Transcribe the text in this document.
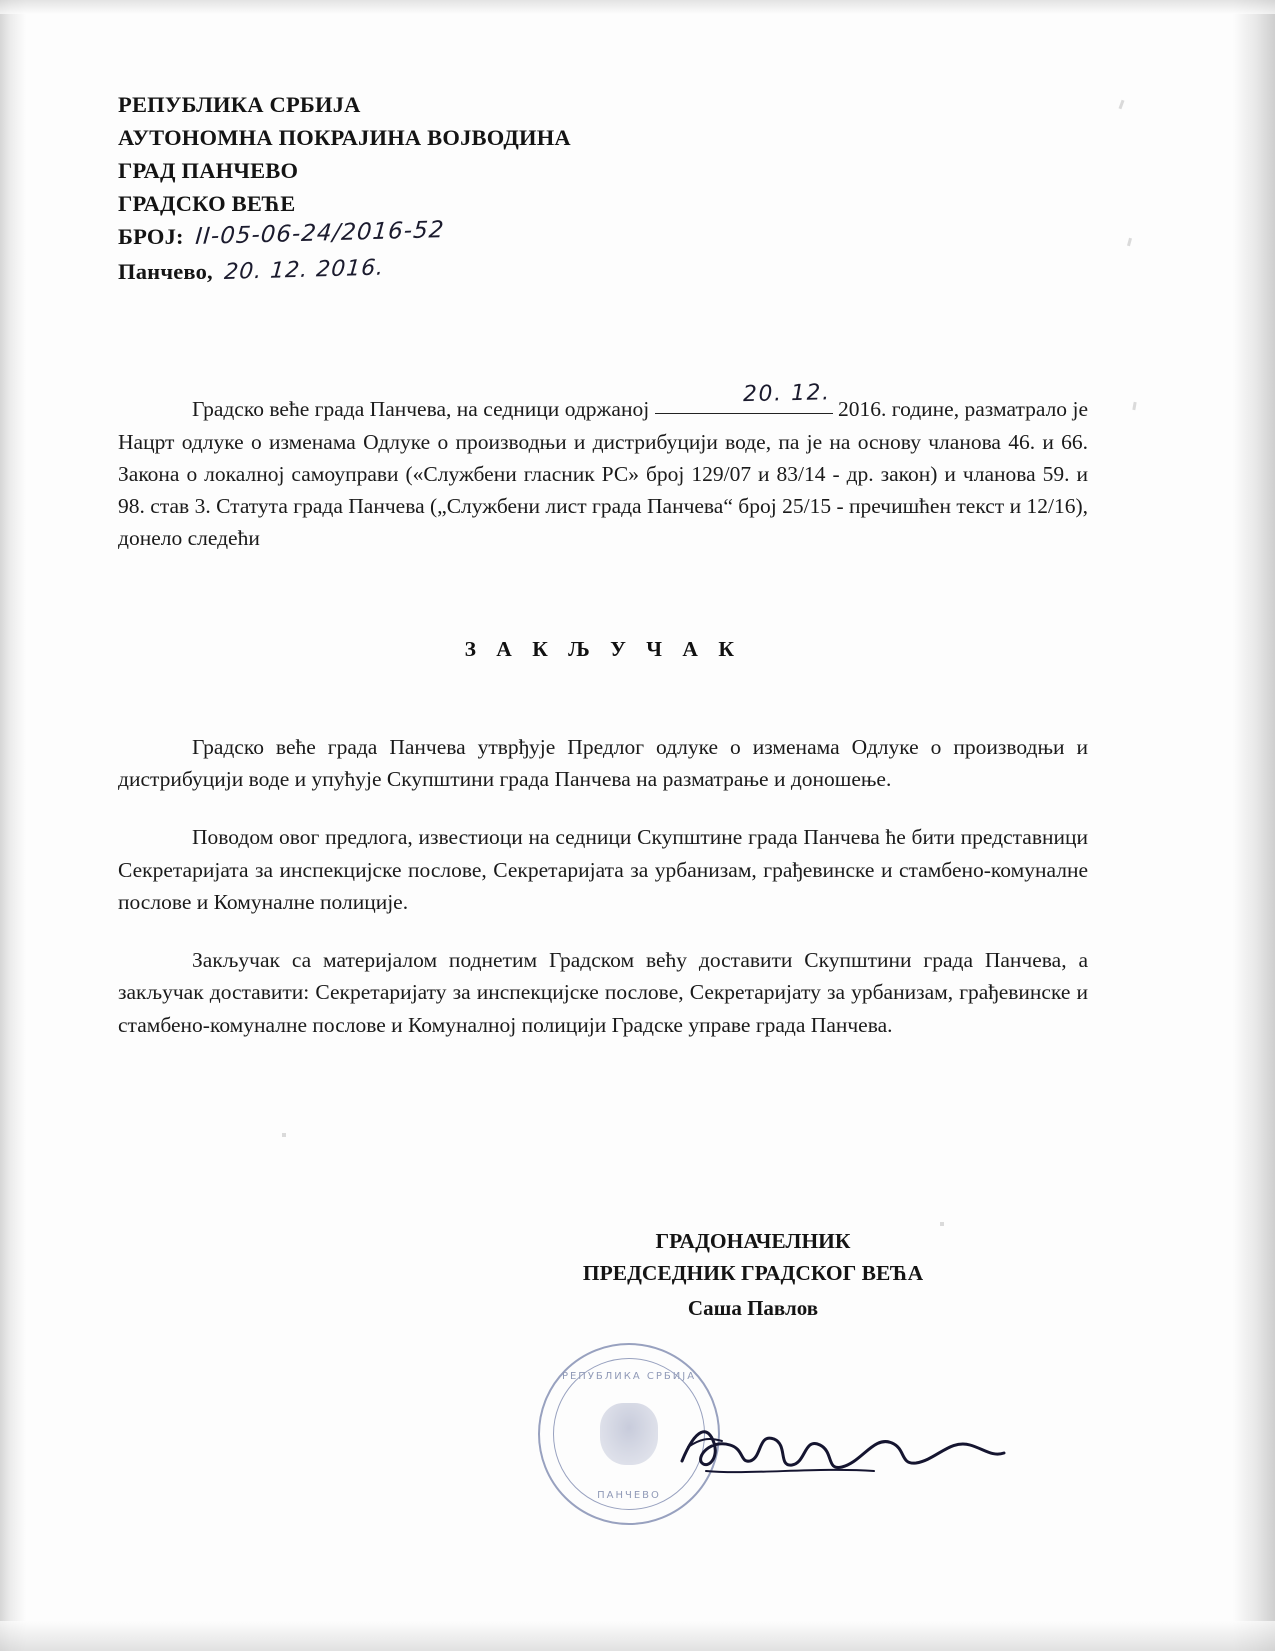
РЕПУБЛИКА СРБИЈА
АУТОНОМНА ПОКРАЈИНА ВОЈВОДИНА
ГРАД ПАНЧЕВО
ГРАДСКО ВЕЋЕ
БРОЈ: II-05-06-24/2016-52
Панчево, 20. 12. 2016.

Градско веће града Панчева, на седници одржаноj
20. 12.
2016. године, разматрало је Нацрт одлуке о изменама Одлуке о производњи и дистрибуцији воде, па је на основу чланова 46. и 66. Закона о локалној самоуправи («Службени гласник РС» број 129/07 и 83/14 - др. закон) и чланова 59. и 98. став 3. Статута града Панчева („Службени лист града Панчева“ број 25/15 - пречишћен текст и 12/16), донело следећи

З А К Љ У Ч А К

Градско веће града Панчева утврђује Предлог одлуке о изменама Одлуке о производњи и дистрибуцији воде и упућује Скупштини града Панчева на разматрање и доношење.

Поводом овог предлога, известиоци на седници Скупштине града Панчева ће бити представници Секретаријата за инспекцијске послове, Секретаријата за урбанизам, грађевинске и стамбено-комуналне послове и Комуналне полиције.

Закључак са материјалом поднетим Градском већу доставити Скупштини града Панчева, а закључак доставити: Секретаријату за инспекцијске послове, Секретаријату за урбанизам, грађевинске и стамбено-комуналне послове и Комуналној полицији Градске управе града Панчева.

ГРАДОНАЧЕЛНИК
ПРЕДСЕДНИК ГРАДСКОГ ВЕЋА
Саша Павлов
РЕПУБЛИКА СРБИЈА
ПАНЧЕВО
